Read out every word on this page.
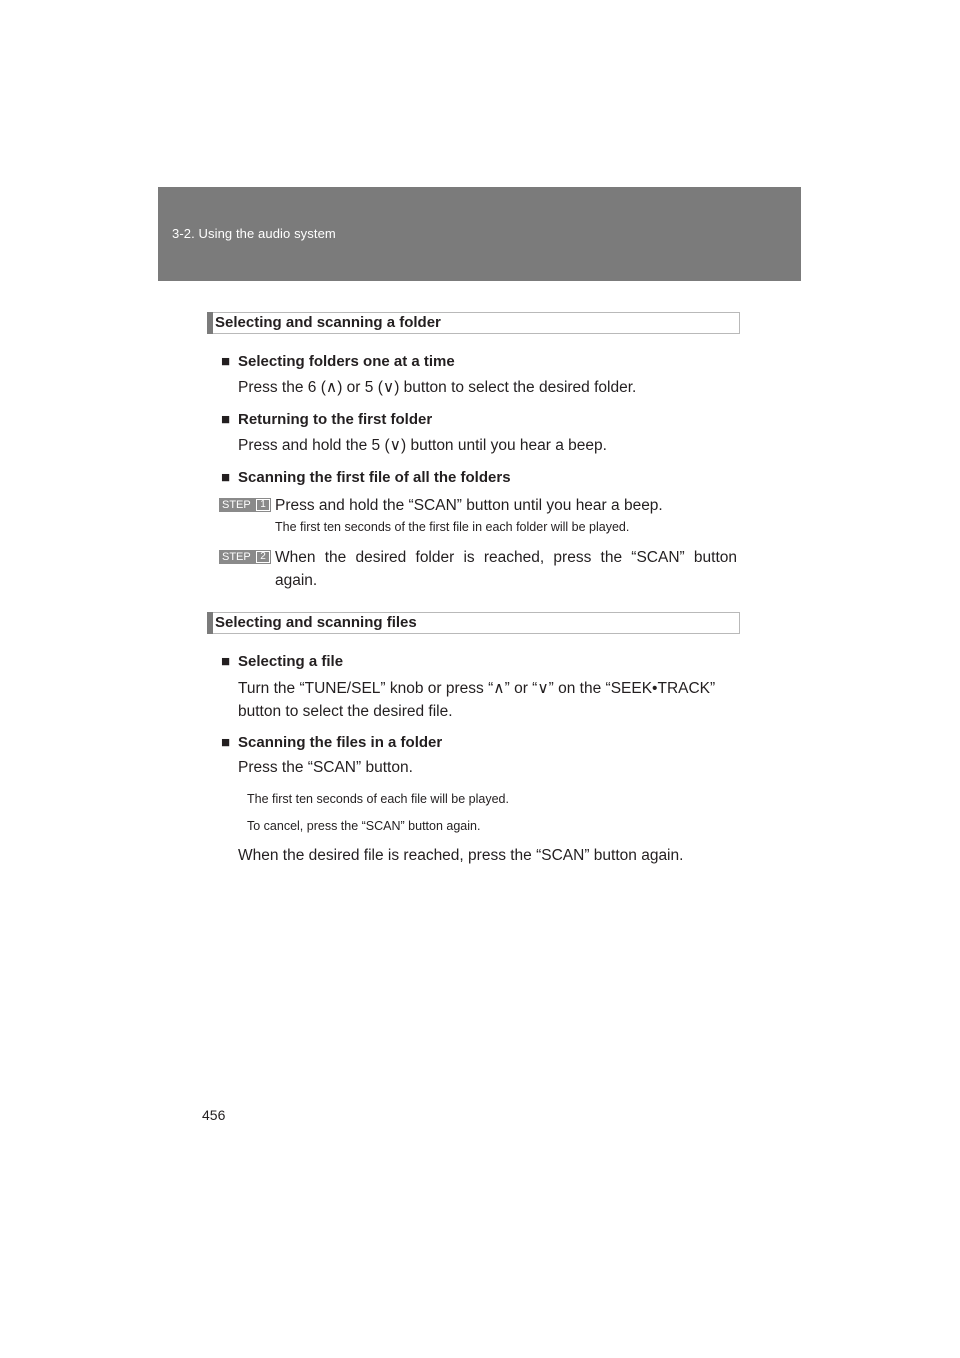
3-2. Using the audio system
Selecting and scanning a folder
■ Selecting folders one at a time
Press the 6 (∧) or 5 (∨) button to select the desired folder.
■ Returning to the first folder
Press and hold the 5 (∨) button until you hear a beep.
■ Scanning the first file of all the folders
STEP 1 Press and hold the “SCAN” button until you hear a beep.
The first ten seconds of the first file in each folder will be played.
STEP 2 When the desired folder is reached, press the “SCAN” button again.
Selecting and scanning files
■ Selecting a file
Turn the “TUNE/SEL” knob or press “∧” or “∨” on the “SEEK•TRACK” button to select the desired file.
■ Scanning the files in a folder
Press the “SCAN” button.
The first ten seconds of each file will be played.
To cancel, press the “SCAN” button again.
When the desired file is reached, press the “SCAN” button again.
456
